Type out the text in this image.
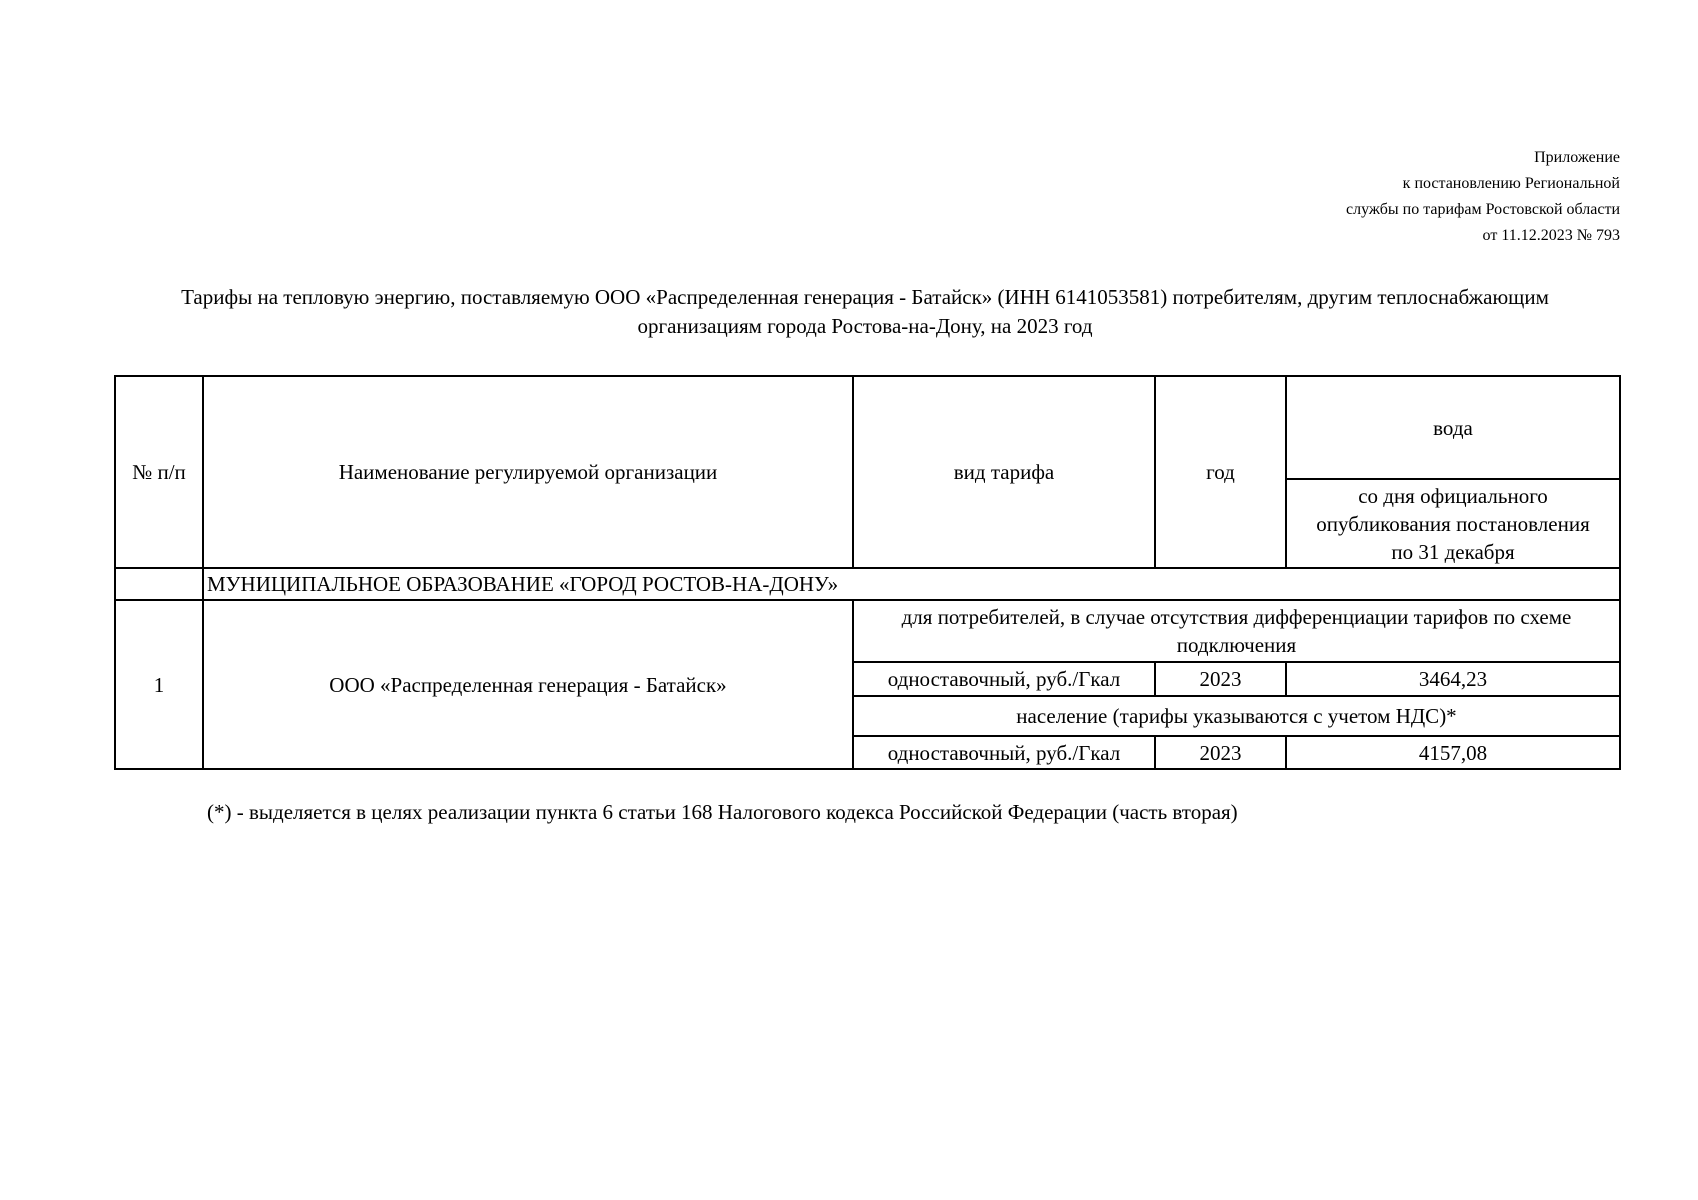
Приложение
к постановлению Региональной
службы по тарифам Ростовской области
от 11.12.2023 № 793
Тарифы на тепловую энергию, поставляемую ООО «Распределенная генерация - Батайск» (ИНН 6141053581) потребителям, другим теплоснабжающим
организациям города Ростова-на-Дону, на 2023 год
№ п/п	Наименование регулируемой организации	вид тарифа	год	вода

				со дня официального
опубликования постановления
по 31 декабря

	МУНИЦИПАЛЬНОЕ ОБРАЗОВАНИЕ «ГОРОД РОСТОВ-НА-ДОНУ»			
1	ООО «Распределенная генерация - Батайск»	для потребителей, в случае отсутствия дифференциации тарифов по схеме
подключения		

		одноставочный, руб./Гкал	2023	3464,23
		население (тарифы указываются с учетом НДС)*		
		одноставочный, руб./Гкал	2023	4157,08
(*) - выделяется в целях реализации пункта 6 статьи 168 Налогового кодекса Российской Федерации (часть вторая)
